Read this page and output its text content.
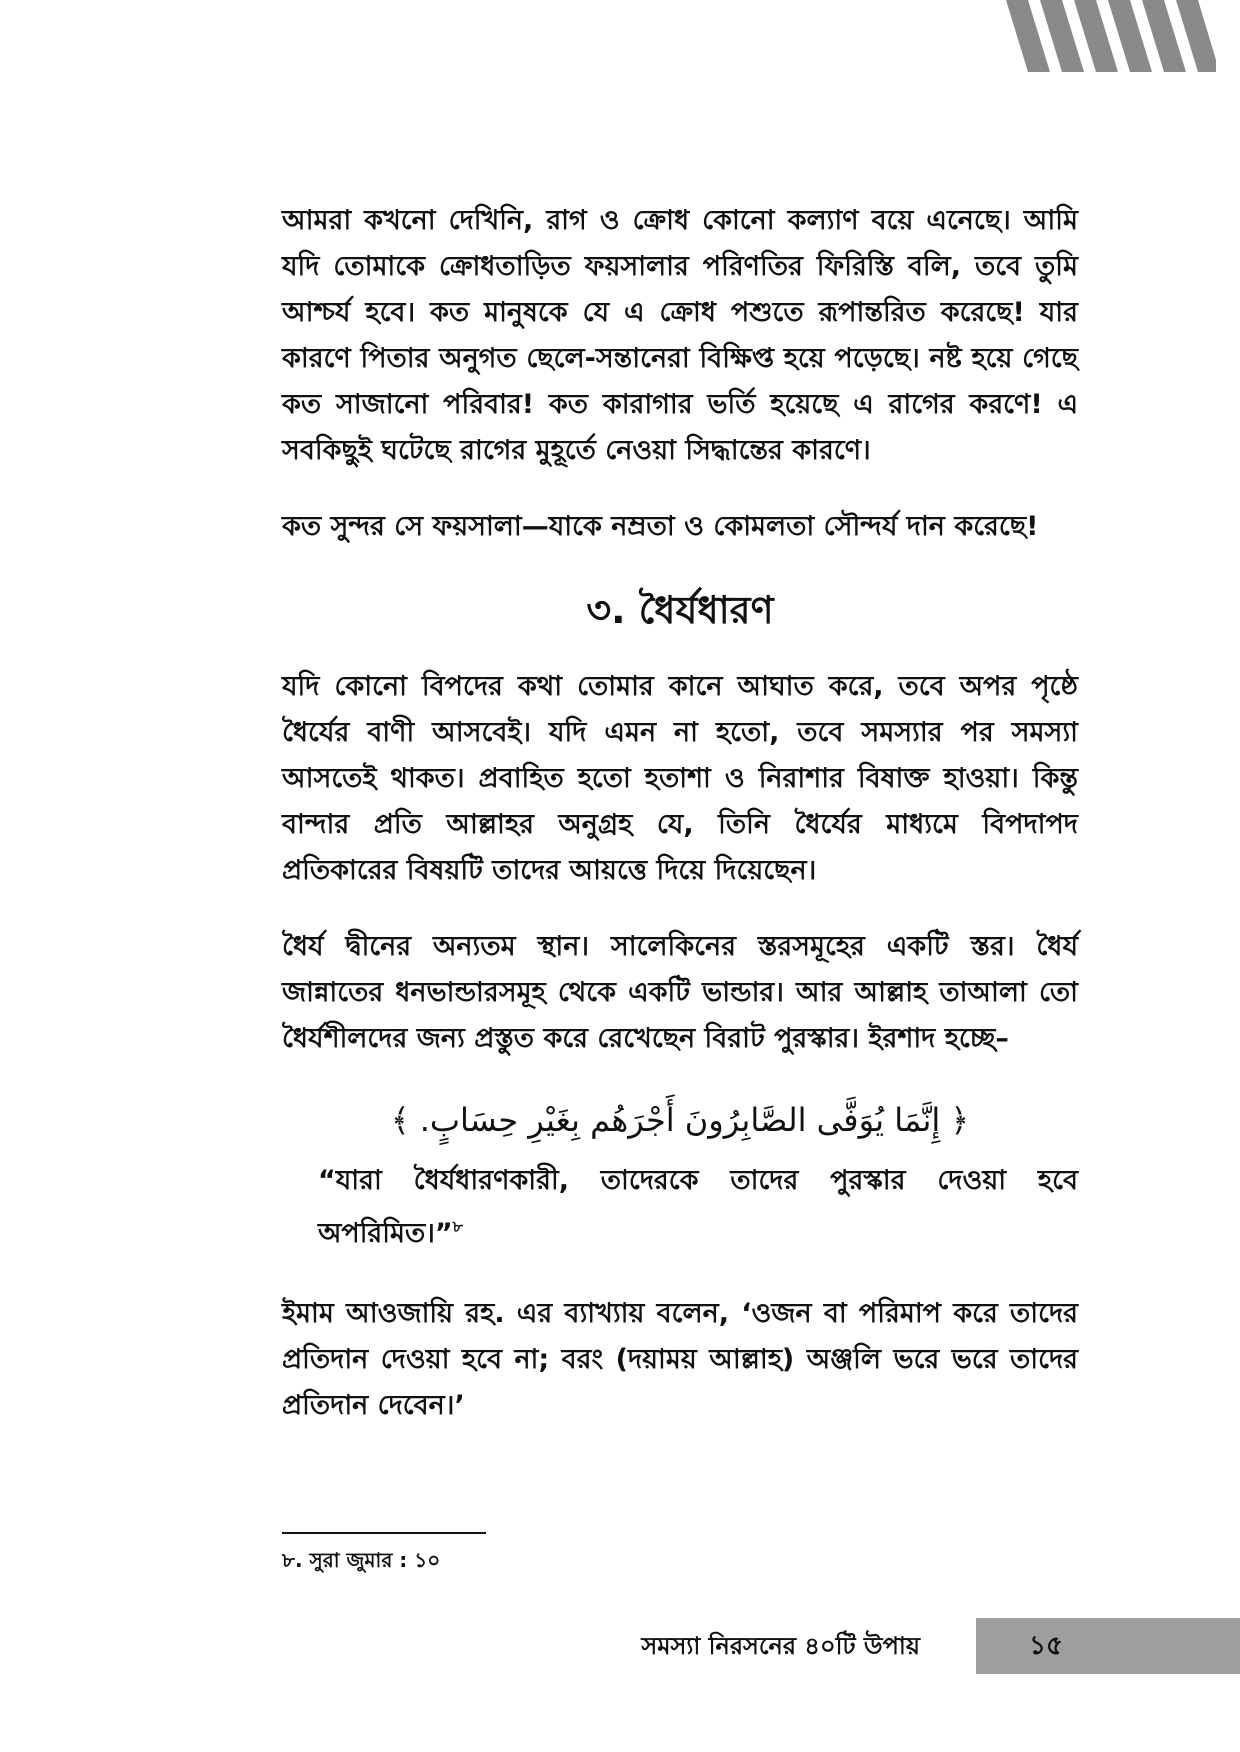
আমরা কখনো দেখিনি, রাগ ও ক্রোধ কোনো কল্যাণ বয়ে এনেছে। আমি যদি তোমাকে ক্রোধতাড়িত ফয়সালার পরিণতির ফিরিস্তি বলি, তবে তুমি আশ্চর্য হবে। কত মানুষকে যে এ ক্রোধ পশুতে রূপান্তরিত করেছে! যার কারণে পিতার অনুগত ছেলে-সন্তানেরা বিক্ষিপ্ত হয়ে পড়েছে। নষ্ট হয়ে গেছে কত সাজানো পরিবার! কত কারাগার ভর্তি হয়েছে এ রাগের করণে! এ সবকিছুই ঘটেছে রাগের মুহূর্তে নেওয়া সিদ্ধান্তের কারণে।

কত সুন্দর সে ফয়সালা—যাকে নম্রতা ও কোমলতা সৌন্দর্য দান করেছে!

৩. ধৈর্যধারণ

যদি কোনো বিপদের কথা তোমার কানে আঘাত করে, তবে অপর পৃষ্ঠে ধৈর্যের বাণী আসবেই। যদি এমন না হতো, তবে সমস্যার পর সমস্যা আসতেই থাকত। প্রবাহিত হতো হতাশা ও নিরাশার বিষাক্ত হাওয়া। কিন্তু বান্দার প্রতি আল্লাহর অনুগ্রহ যে, তিনি ধৈর্যের মাধ্যমে বিপদাপদ প্রতিকারের বিষয়টি তাদের আয়ত্তে দিয়ে দিয়েছেন।

ধৈর্য দ্বীনের অন্যতম স্থান। সালেকিনের স্তরসমূহের একটি স্তর। ধৈর্য জান্নাতের ধনভান্ডারসমূহ থেকে একটি ভান্ডার। আর আল্লাহ তাআলা তো ধৈর্যশীলদের জন্য প্রস্তুত করে রেখেছেন বিরাট পুরস্কার। ইরশাদ হচ্ছে–

﴿ إِنَّمَا يُوَفَّى الصَّابِرُونَ أَجْرَهُم بِغَيْرِ حِسَابٍ. ﴾

“যারা ধৈর্যধারণকারী, তাদেরকে তাদের পুরস্কার দেওয়া হবে অপরিমিত।”$^৮$

ইমাম আওজায়ি রহ. এর ব্যাখ্যায় বলেন, ‘ওজন বা পরিমাপ করে তাদের প্রতিদান দেওয়া হবে না; বরং (দয়াময় আল্লাহ) অঞ্জলি ভরে ভরে তাদের প্রতিদান দেবেন।’

৮. সুরা জুমার : ১০
সমস্যা নিরসনের ৪০টি উপায়	১৫
